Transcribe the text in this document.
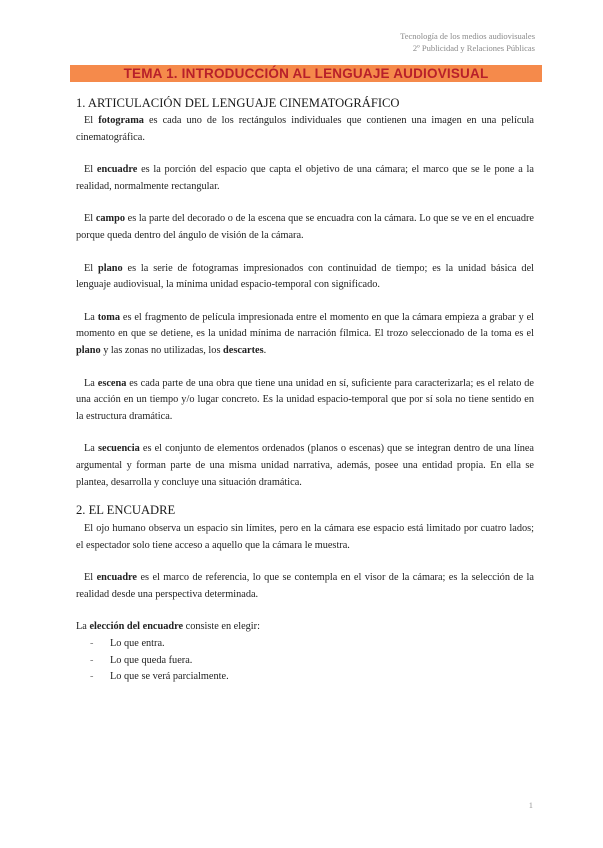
Tecnología de los medios audiovisuales
2º Publicidad y Relaciones Públicas
TEMA 1. INTRODUCCIÓN AL LENGUAJE AUDIOVISUAL
1. ARTICULACIÓN DEL LENGUAJE CINEMATOGRÁFICO

El fotograma es cada uno de los rectángulos individuales que contienen una imagen en una película cinematográfica.

El encuadre es la porción del espacio que capta el objetivo de una cámara; el marco que se le pone a la realidad, normalmente rectangular.

El campo es la parte del decorado o de la escena que se encuadra con la cámara. Lo que se ve en el encuadre porque queda dentro del ángulo de visión de la cámara.

El plano es la serie de fotogramas impresionados con continuidad de tiempo; es la unidad básica del lenguaje audiovisual, la mínima unidad espacio-temporal con significado.

La toma es el fragmento de película impresionada entre el momento en que la cámara empieza a grabar y el momento en que se detiene, es la unidad mínima de narración fílmica. El trozo seleccionado de la toma es el plano y las zonas no utilizadas, los descartes.

La escena es cada parte de una obra que tiene una unidad en sí, suficiente para caracterizarla; es el relato de una acción en un tiempo y/o lugar concreto. Es la unidad espacio-temporal que por sí sola no tiene sentido en la estructura dramática.

La secuencia es el conjunto de elementos ordenados (planos o escenas) que se integran dentro de una línea argumental y forman parte de una misma unidad narrativa, además, posee una entidad propia. En ella se plantea, desarrolla y concluye una situación dramática.

2. EL ENCUADRE

El ojo humano observa un espacio sin límites, pero en la cámara ese espacio está limitado por cuatro lados; el espectador solo tiene acceso a aquello que la cámara le muestra.

El encuadre es el marco de referencia, lo que se contempla en el visor de la cámara; es la selección de la realidad desde una perspectiva determinada.

La elección del encuadre consiste en elegir:

-	Lo que entra.
-	Lo que queda fuera.
-	Lo que se verá parcialmente.
1
